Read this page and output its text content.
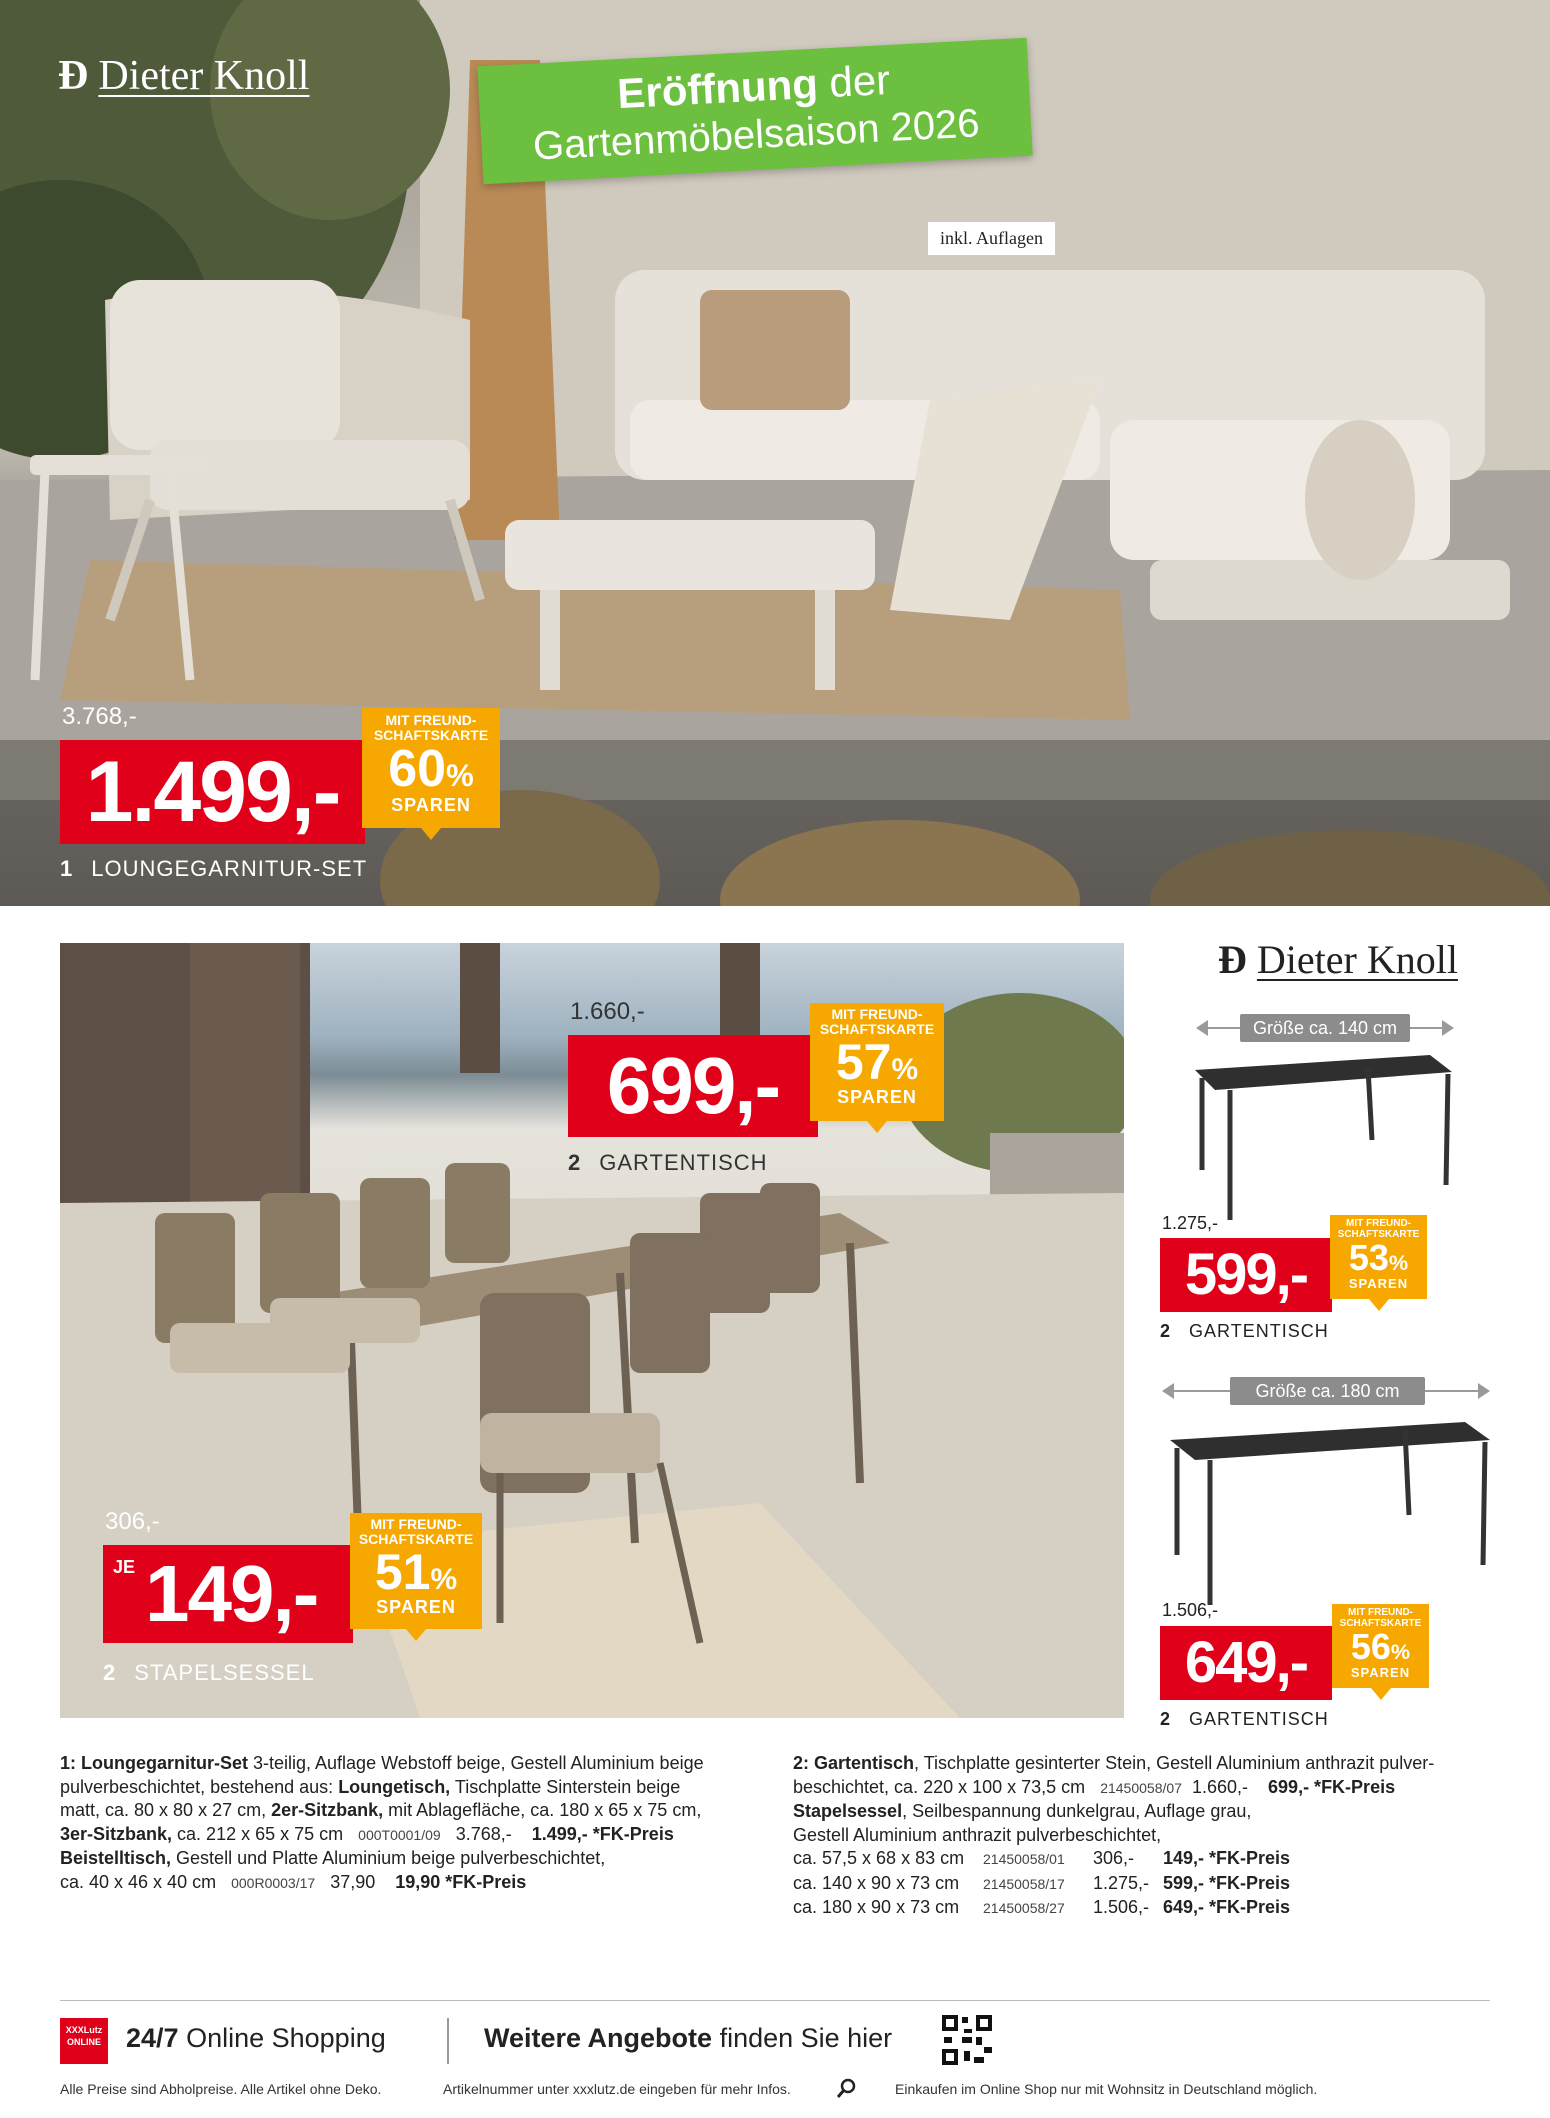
Ð Dieter Knoll	Eröffnung der
Gartenmöbelsaison 2026
inkl. Auflagen
3.768,-
1.499,-
MIT FREUND-
SCHAFTSKARTE
60%
SPAREN
1 LOUNGEGARNITUR-SET
1.660,-
699,-
MIT FREUND-
SCHAFTSKARTE
57%
SPAREN
2 GARTENTISCH
306,-
JE 149,-
MIT FREUND-
SCHAFTSKARTE
51%
SPAREN
2 STAPELSESSEL
Ð Dieter Knoll
Größe ca. 140 cm
1.275,-
599,-
MIT FREUND-
SCHAFTSKARTE
53%
SPAREN
2 GARTENTISCH
Größe ca. 180 cm
1.506,-
649,-
MIT FREUND-
SCHAFTSKARTE
56%
SPAREN
2 GARTENTISCH
1: Loungegarnitur-Set 3-teilig, Auflage Webstoff beige, Gestell Aluminium beige
pulverbeschichtet, bestehend aus: Loungetisch, Tischplatte Sinterstein beige
matt, ca. 80 x 80 x 27 cm, 2er-Sitzbank, mit Ablagefläche, ca. 180 x 65 x 75 cm,
3er-Sitzbank, ca. 212 x 65 x 75 cm 000T0001/09 3.768,- 1.499,- *FK-Preis
Beistelltisch, Gestell und Platte Aluminium beige pulverbeschichtet,
ca. 40 x 46 x 40 cm 000R0003/17 37,90 19,90 *FK-Preis
2: Gartentisch, Tischplatte gesinterter Stein, Gestell Aluminium anthrazit pulver-
beschichtet, ca. 220 x 100 x 73,5 cm 21450058/07 1.660,- 699,- *FK-Preis
Stapelsessel, Seilbespannung dunkelgrau, Auflage grau,
Gestell Aluminium anthrazit pulverbeschichtet,
ca. 57,5 x 68 x 83 cm 21450058/01 306,- 149,- *FK-Preis
ca. 140 x 90 x 73 cm 21450058/17 1.275,- 599,- *FK-Preis
ca. 180 x 90 x 73 cm 21450058/27 1.506,- 649,- *FK-Preis
XXXLutz ONLINE 24/7 Online Shopping	Weitere Angebote finden Sie hier
Alle Preise sind Abholpreise. Alle Artikel ohne Deko.	Artikelnummer unter xxxlutz.de eingeben für mehr Infos.	Einkaufen im Online Shop nur mit Wohnsitz in Deutschland möglich.
